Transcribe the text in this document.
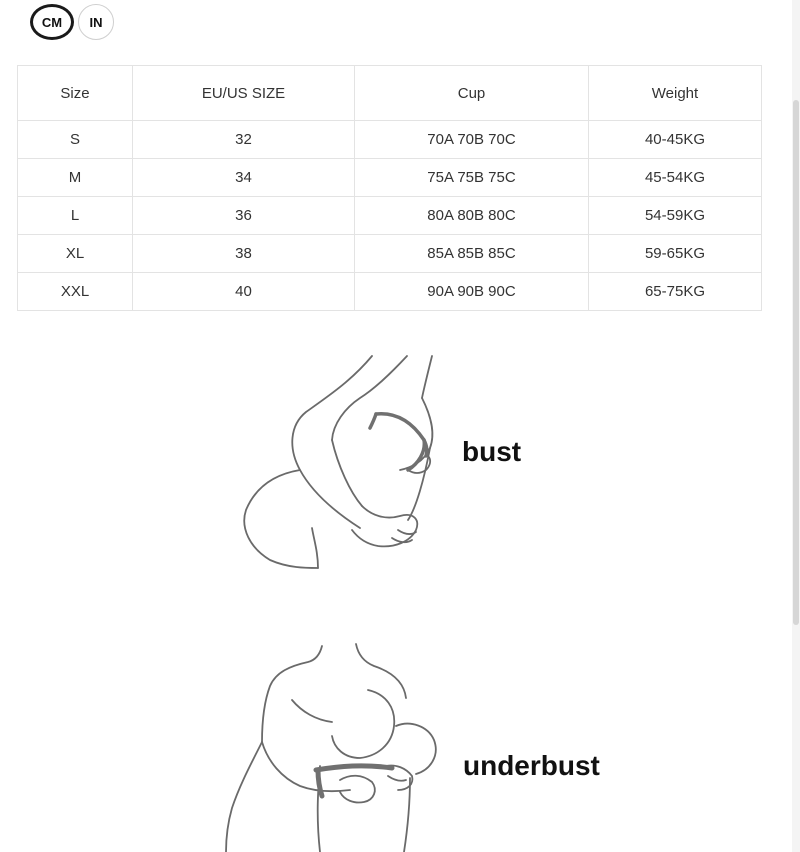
CM	IN
Size	EU/US SIZE	Cup	Weight
S	32	70A 70B 70C	40-45KG
M	34	75A 75B 75C	45-54KG
L	36	80A 80B 80C	54-59KG
XL	38	85A 85B 85C	59-65KG
XXL	40	90A 90B 90C	65-75KG
bust
underbust
